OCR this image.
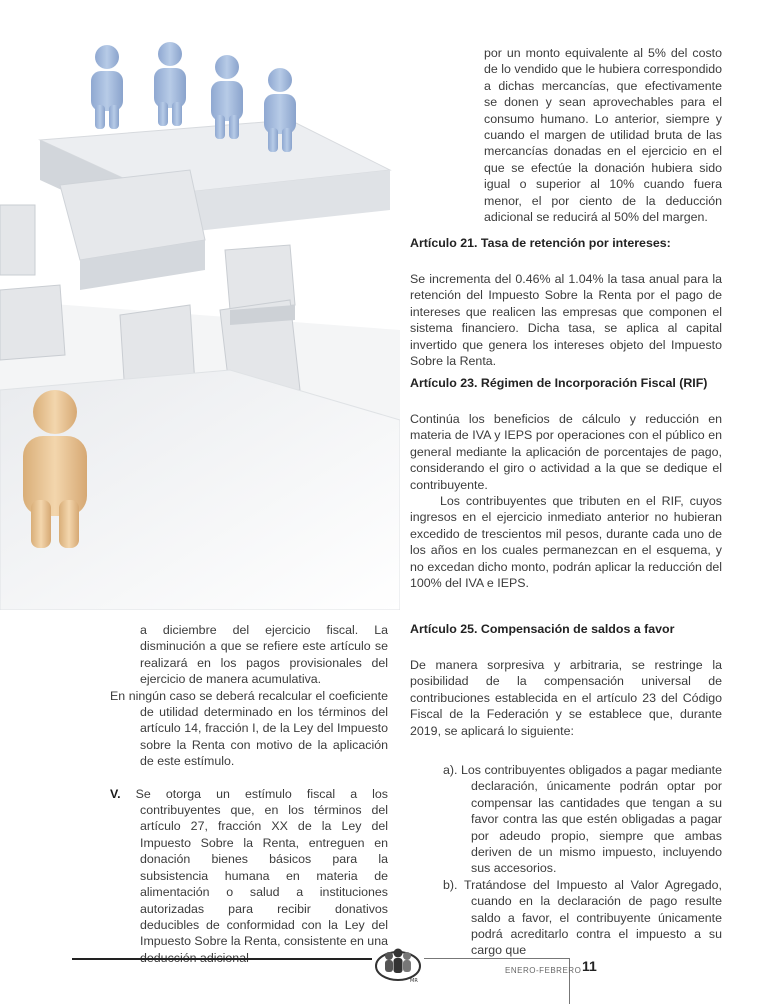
por un monto equivalente al 5% del costo de lo vendido que le hubiera correspondido a dichas mercancías, que efectivamente se donen y sean aprovechables para el consumo humano. Lo anterior, siempre y cuando el margen de utilidad bruta de las mercancías donadas en el ejercicio en el que se efectúe la donación hubiera sido igual o superior al 10% cuando fuera menor, el por ciento de la deducción adicional se reducirá al 50% del margen.

Artículo 21. Tasa de retención por intereses:

Se incrementa del 0.46% al 1.04% la tasa anual para la retención del Impuesto Sobre la Renta por el pago de intereses que realicen las empresas que componen el sistema financiero. Dicha tasa, se aplica al capital invertido que genera los intereses objeto del Impuesto Sobre la Renta.

Artículo 23. Régimen de Incorporación Fiscal (RIF)

Continúa los beneficios de cálculo y reducción en materia de IVA y IEPS por operaciones con el público en general mediante la aplicación de porcentajes de pago, considerando el giro o actividad a la que se dedique el contribuyente.

Los contribuyentes que tributen en el RIF, cuyos ingresos en el ejercicio inmediato anterior no hubieran excedido de trescientos mil pesos, durante cada uno de los años en los cuales permanezcan en el esquema, y no excedan dicho monto, podrán aplicar la reducción del 100% del IVA e IEPS.

Artículo 25. Compensación de saldos a favor

De manera sorpresiva y arbitraria, se restringe la posibilidad de la compensación universal de contribuciones establecida en el artículo 23 del Código Fiscal de la Federación y se establece que, durante 2019, se aplicará lo siguiente:

a). Los contribuyentes obligados a pagar mediante declaración, únicamente podrán optar por compensar las cantidades que tengan a su favor contra las que estén obligadas a pagar por adeudo propio, siempre que ambas deriven de un mismo impuesto, incluyendo sus accesorios.

b). Tratándose del Impuesto al Valor Agregado, cuando en la declaración de pago resulte saldo a favor, el contribuyente únicamente podrá acreditarlo contra el impuesto a su cargo que

a diciembre del ejercicio fiscal. La disminución a que se refiere este artículo se realizará en los pagos provisionales del ejercicio de manera acumulativa.

En ningún caso se deberá recalcular el coeficiente de utilidad determinado en los términos del artículo 14, fracción I, de la Ley del Impuesto sobre la Renta con motivo de la aplicación de este estímulo.

V. Se otorga un estímulo fiscal a los contribuyentes que, en los términos del artículo 27, fracción XX de la Ley del Impuesto Sobre la Renta, entreguen en donación bienes básicos para la subsistencia humana en materia de alimentación o salud a instituciones autorizadas para recibir donativos deducibles de conformidad con la Ley del Impuesto Sobre la Renta, consistente en una

MR
ENERO-FEBRERO 11
